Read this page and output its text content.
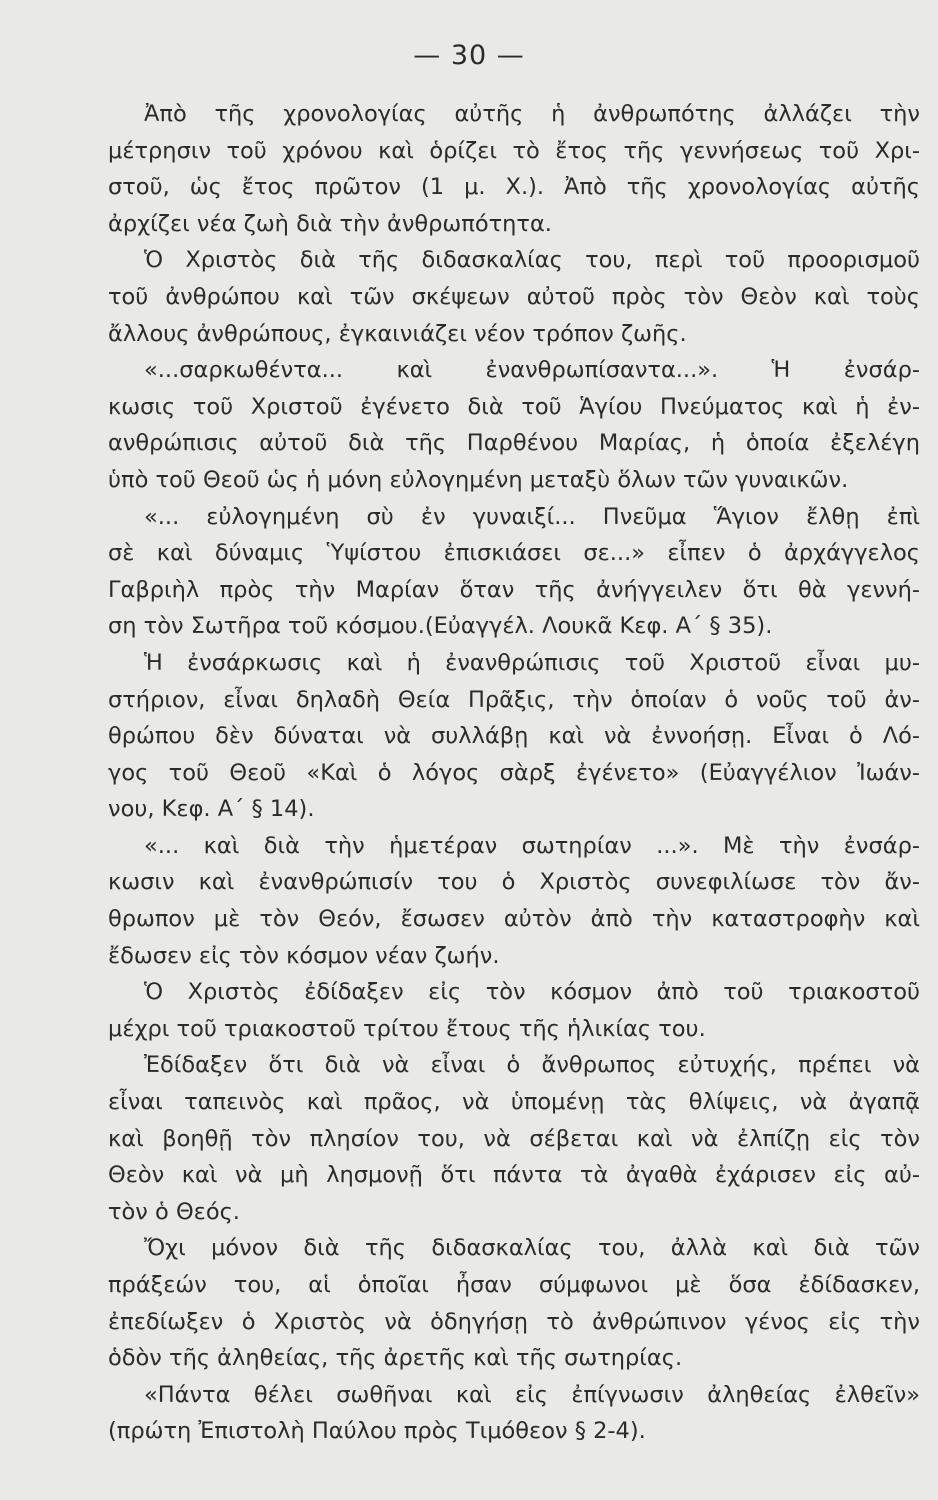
— 30 —
Ἀπὸ τῆς χρονολογίας αὐτῆς ἡ ἀνθρωπότης ἀλλάζει τὴν
μέτρησιν τοῦ χρόνου καὶ ὁρίζει τὸ ἔτος τῆς γεννήσεως τοῦ Χρι-
στοῦ, ὡς ἔτος πρῶτον (1 μ. Χ.). Ἀπὸ τῆς χρονολογίας αὐτῆς
ἀρχίζει νέα ζωὴ διὰ τὴν ἀνθρωπότητα.
Ὁ Χριστὸς διὰ τῆς διδασκαλίας του, περὶ τοῦ προορισμοῦ
τοῦ ἀνθρώπου καὶ τῶν σκέψεων αὐτοῦ πρὸς τὸν Θεὸν καὶ τοὺς
ἄλλους ἀνθρώπους, ἐγκαινιάζει νέον τρόπον ζωῆς.
«...σαρκωθέντα... καὶ ἐνανθρωπίσαντα...». Ἡ ἐνσάρ-
κωσις τοῦ Χριστοῦ ἐγένετο διὰ τοῦ Ἁγίου Πνεύματος καὶ ἡ ἐν-
ανθρώπισις αὐτοῦ διὰ τῆς Παρθένου Μαρίας, ἡ ὁποία ἐξελέγη
ὑπὸ τοῦ Θεοῦ ὡς ἡ μόνη εὐλογημένη μεταξὺ ὅλων τῶν γυναικῶν.
«... εὐλογημένη σὺ ἐν γυναιξί... Πνεῦμα Ἅγιον ἔλθῃ ἐπὶ
σὲ καὶ δύναμις Ὑψίστου ἐπισκιάσει σε...» εἶπεν ὁ ἀρχάγγελος
Γαβριὴλ πρὸς τὴν Μαρίαν ὅταν τῆς ἀνήγγειλεν ὅτι θὰ γεννή-
ση τὸν Σωτῆρα τοῦ κόσμου.(Εὐαγγέλ. Λουκᾶ Κεφ. Α΄ § 35).
Ἡ ἐνσάρκωσις καὶ ἡ ἐνανθρώπισις τοῦ Χριστοῦ εἶναι μυ-
στήριον, εἶναι δηλαδὴ Θεία Πρᾶξις, τὴν ὁποίαν ὁ νοῦς τοῦ ἀν-
θρώπου δὲν δύναται νὰ συλλάβῃ καὶ νὰ ἐννοήσῃ. Εἶναι ὁ Λό-
γος τοῦ Θεοῦ «Καὶ ὁ λόγος σὰρξ ἐγένετο» (Εὐαγγέλιον Ἰωάν-
νου, Κεφ. Α΄ § 14).
«... καὶ διὰ τὴν ἡμετέραν σωτηρίαν ...». Μὲ τὴν ἐνσάρ-
κωσιν καὶ ἐνανθρώπισίν του ὁ Χριστὸς συνεφιλίωσε τὸν ἄν-
θρωπον μὲ τὸν Θεόν, ἔσωσεν αὐτὸν ἀπὸ τὴν καταστροφὴν καὶ
ἔδωσεν εἰς τὸν κόσμον νέαν ζωήν.
Ὁ Χριστὸς ἐδίδαξεν εἰς τὸν κόσμον ἀπὸ τοῦ τριακοστοῦ
μέχρι τοῦ τριακοστοῦ τρίτου ἔτους τῆς ἡλικίας του.
Ἐδίδαξεν ὅτι διὰ νὰ εἶναι ὁ ἄνθρωπος εὐτυχής, πρέπει νὰ
εἶναι ταπεινὸς καὶ πρᾶος, νὰ ὑπομένῃ τὰς θλίψεις, νὰ ἀγαπᾷ
καὶ βοηθῇ τὸν πλησίον του, νὰ σέβεται καὶ νὰ ἐλπίζῃ εἰς τὸν
Θεὸν καὶ νὰ μὴ λησμονῇ ὅτι πάντα τὰ ἀγαθὰ ἐχάρισεν εἰς αὐ-
τὸν ὁ Θεός.
Ὄχι μόνον διὰ τῆς διδασκαλίας του, ἀλλὰ καὶ διὰ τῶν
πράξεών του, αἱ ὁποῖαι ἦσαν σύμφωνοι μὲ ὅσα ἐδίδασκεν,
ἐπεδίωξεν ὁ Χριστὸς νὰ ὁδηγήσῃ τὸ ἀνθρώπινον γένος εἰς τὴν
ὁδὸν τῆς ἀληθείας, τῆς ἀρετῆς καὶ τῆς σωτηρίας.
«Πάντα θέλει σωθῆναι καὶ εἰς ἐπίγνωσιν ἀληθείας ἐλθεῖν»
(πρώτη Ἐπιστολὴ Παύλου πρὸς Τιμόθεον § 2-4).
